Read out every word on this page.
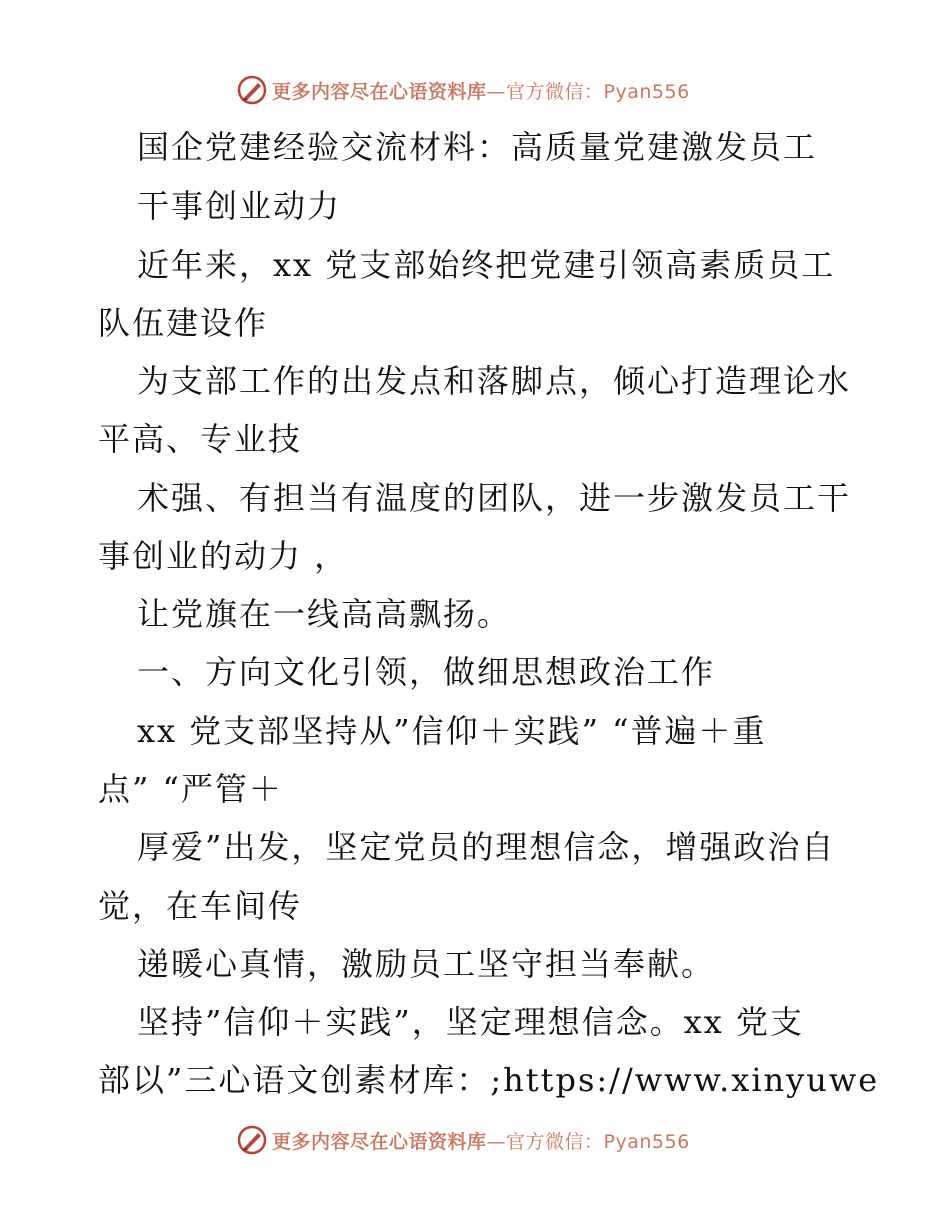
更多内容尽在心语资料库—官方微信：Pyan556
国企党建经验交流材料：高质量党建激发员工
干事创业动力
近年来，xx 党支部始终把党建引领高素质员工
队伍建设作
为支部工作的出发点和落脚点，倾心打造理论水
平高、专业技
术强、有担当有温度的团队，进一步激发员工干
事创业的动力 ，
让党旗在一线高高飘扬。
一、方向文化引领，做细思想政治工作
xx 党支部坚持从”信仰＋实践” “普遍＋重
点” “严管＋
厚爱”出发，坚定党员的理想信念，增强政治自
觉，在车间传
递暖心真情，激励员工坚守担当奉献。
坚持”信仰＋实践”，坚定理想信念。xx 党支
部以”三心语文创素材库：;https://www.xinyuwe
更多内容尽在心语资料库—官方微信：Pyan556
